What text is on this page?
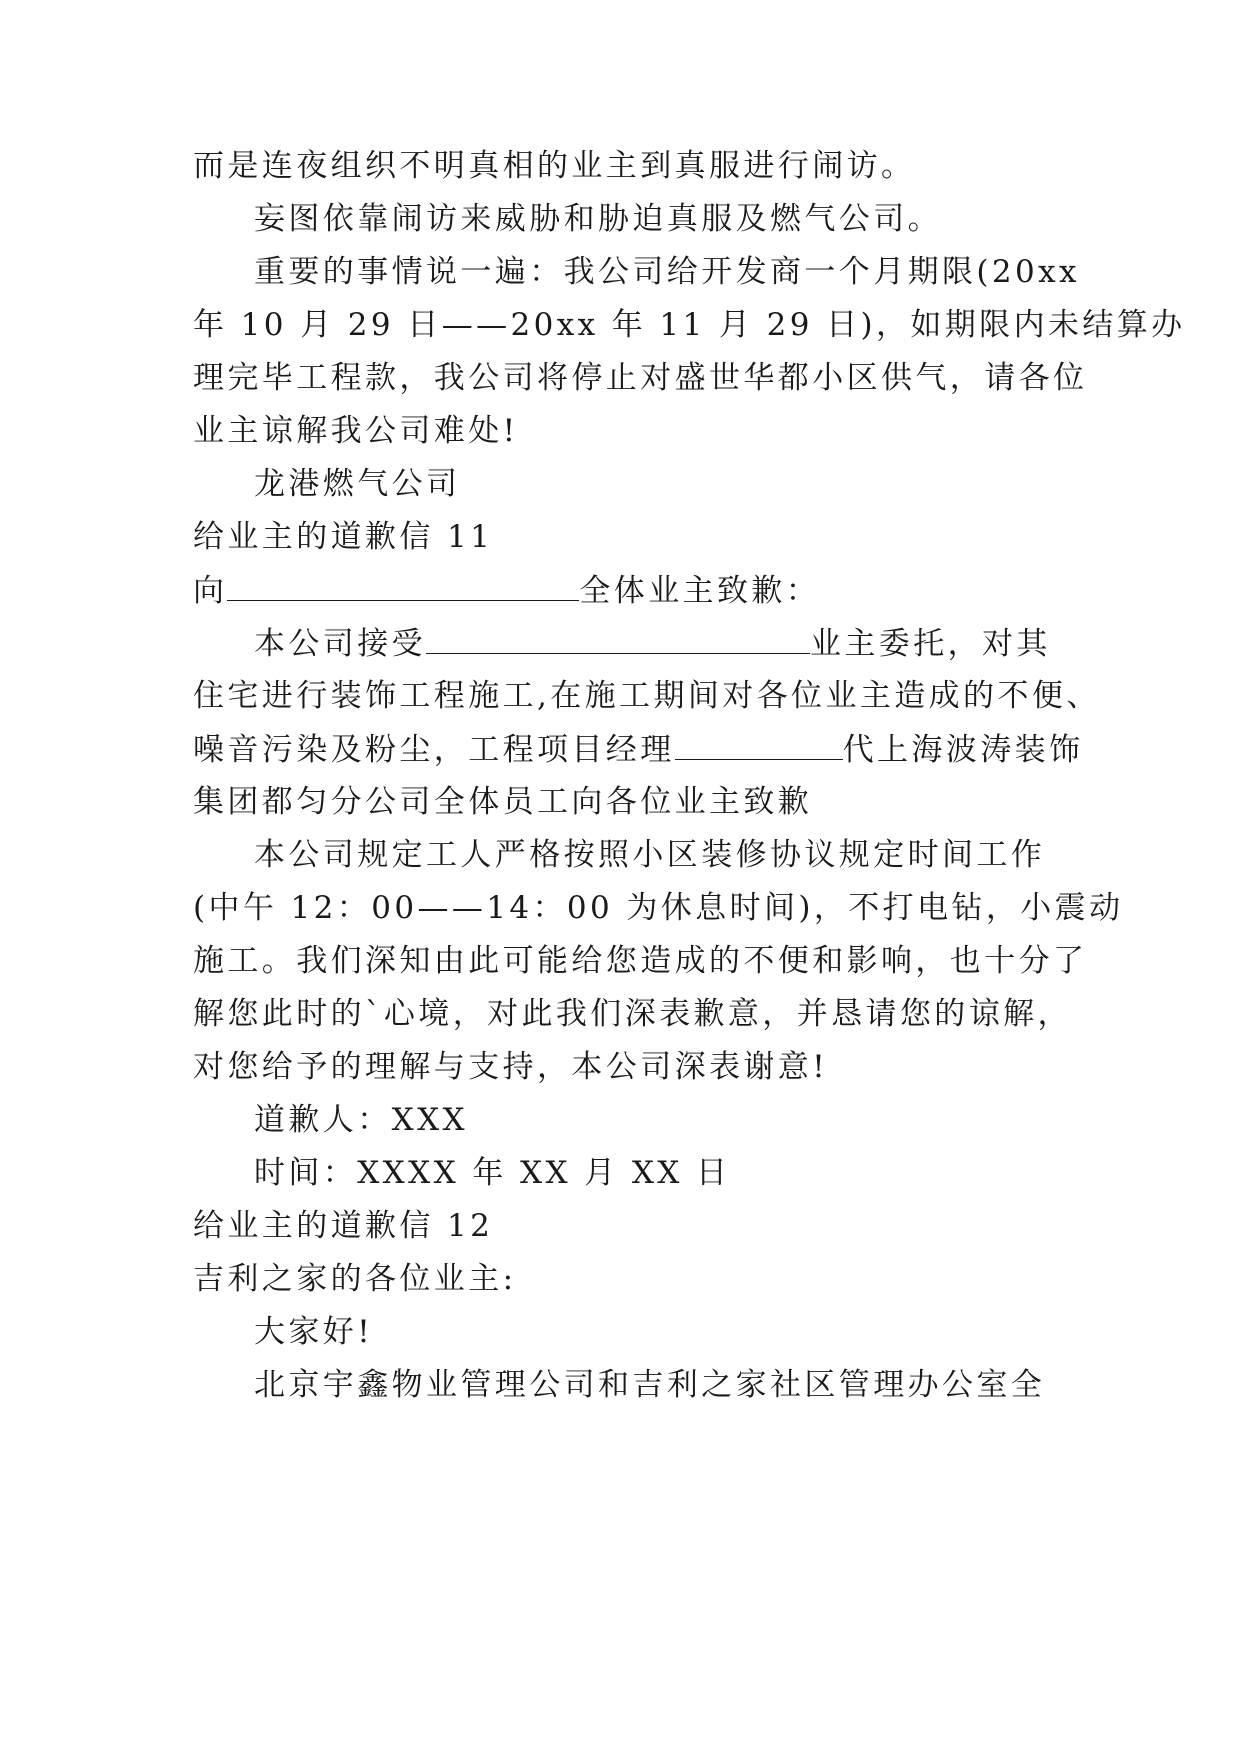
而是连夜组织不明真相的业主到真服进行闹访。
妄图依靠闹访来威胁和胁迫真服及燃气公司。
重要的事情说一遍：我公司给开发商一个月期限(20xx
年 10 月 29 日——20xx 年 11 月 29 日)，如期限内未结算办
理完毕工程款，我公司将停止对盛世华都小区供气，请各位
业主谅解我公司难处!
龙港燃气公司
给业主的道歉信 11
向	全体业主致歉：
本公司接受	业主委托，对其
住宅进行装饰工程施工,在施工期间对各位业主造成的不便、
噪音污染及粉尘，工程项目经理	代上海波涛装饰
集团都匀分公司全体员工向各位业主致歉
本公司规定工人严格按照小区装修协议规定时间工作
(中午 12：00——14：00 为休息时间)，不打电钻，小震动
施工。我们深知由此可能给您造成的不便和影响，也十分了
解您此时的`心境，对此我们深表歉意，并恳请您的谅解，
对您给予的理解与支持，本公司深表谢意!
道歉人：XXX
时间：XXXX 年 XX 月 XX 日
给业主的道歉信 12
吉利之家的各位业主:
大家好!
北京宇鑫物业管理公司和吉利之家社区管理办公室全
